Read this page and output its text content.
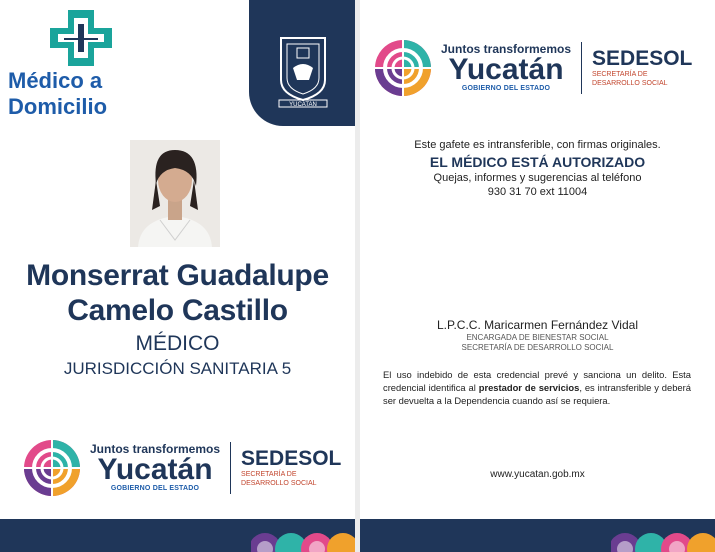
Médico a
Domicilio	YUCATAN
Monserrat Guadalupe
Camelo Castillo
MÉDICO
JURISDICCIÓN SANITARIA 5
Juntos transformemos
Yucatán
GOBIERNO DEL ESTADO
SEDESOL
SECRETARÍA DE
DESARROLLO SOCIAL
Juntos transformemos
Yucatán
GOBIERNO DEL ESTADO
SEDESOL
SECRETARÍA DE
DESARROLLO SOCIAL
Este gafete es intransferible, con firmas originales.
EL MÉDICO ESTÁ AUTORIZADO
Quejas, informes y sugerencias al teléfono
930 31 70 ext 11004
L.P.C.C. Maricarmen Fernández Vidal
ENCARGADA DE BIENESTAR SOCIAL
SECRETARÍA DE DESARROLLO SOCIAL
El uso indebido de esta credencial prevé y sanciona un delito. Esta credencial identifica al prestador de servicios, es intransferible y deberá ser devuelta a la Dependencia cuando así se requiera.
www.yucatan.gob.mx
